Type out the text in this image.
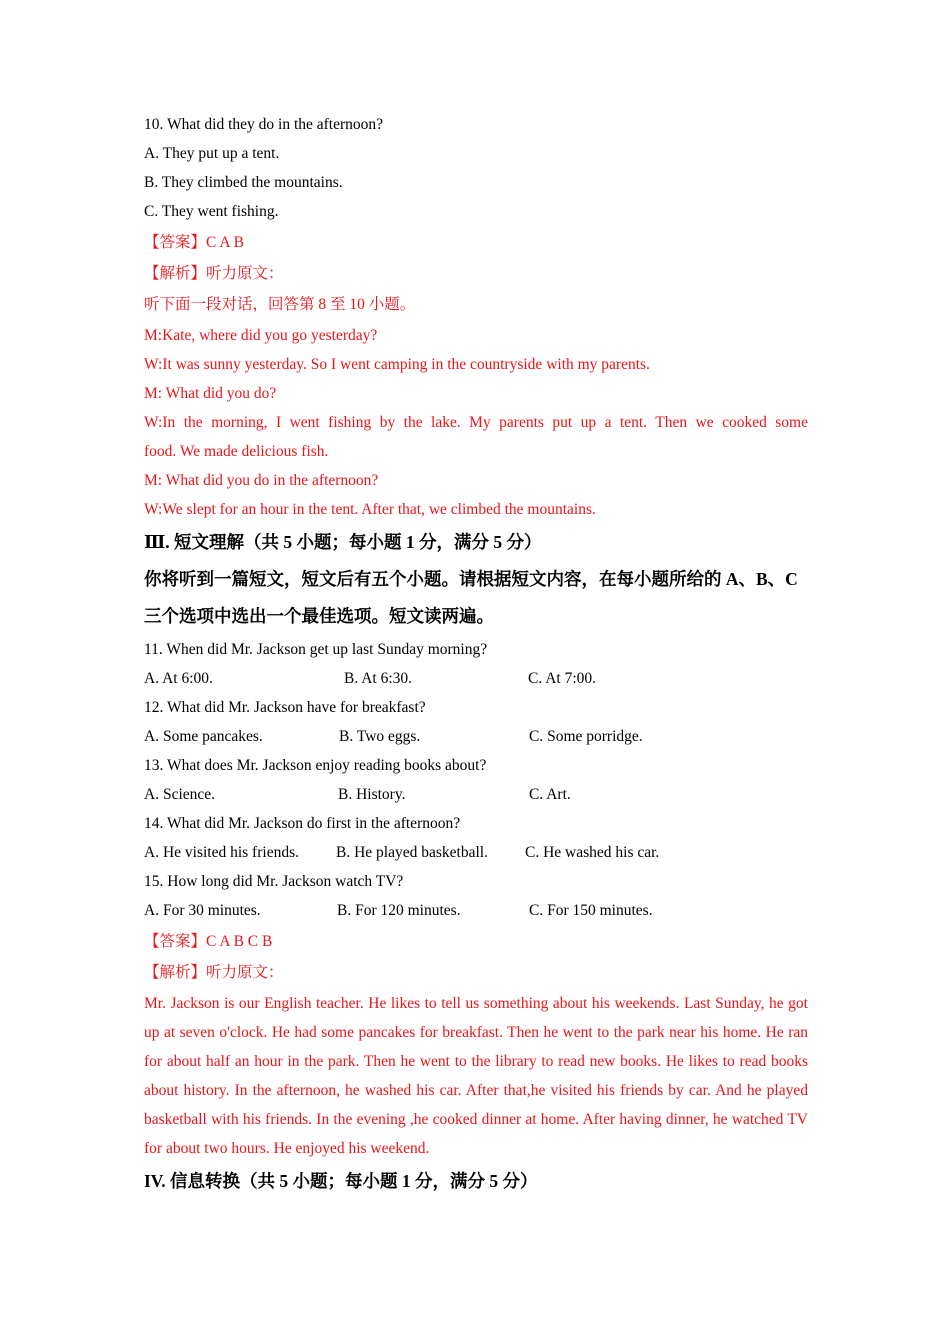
10. What did they do in the afternoon?
A. They put up a tent.
B. They climbed the mountains.
C. They went fishing.
【答案】C A B
【解析】听力原文：
听下面一段对话，回答第 8 至 10 小题。
M:Kate, where did you go yesterday?
W:It was sunny yesterday. So I went camping in the countryside with my parents.
M: What did you do?
W:In the morning, I went fishing by the lake. My parents put up a tent. Then we cooked some
food. We made delicious fish.
M: What did you do in the afternoon?
W:We slept for an hour in the tent. After that, we climbed the mountains.
Ⅲ. 短文理解（共 5 小题；每小题 1 分，满分 5 分）
你将听到一篇短文，短文后有五个小题。请根据短文内容，在每小题所给的 A、B、C 三个选项中选出一个最佳选项。短文读两遍。
11. When did Mr. Jackson get up last Sunday morning?
A. At 6:00.	B. At 6:30.	C. At 7:00.
12. What did Mr. Jackson have for breakfast?
A. Some pancakes.	B. Two eggs.	C. Some porridge.
13. What does Mr. Jackson enjoy reading books about?
A. Science.	B. History.	C. Art.
14. What did Mr. Jackson do first in the afternoon?
A. He visited his friends.	B. He played basketball.	C. He washed his car.
15. How long did Mr. Jackson watch TV?
A. For 30 minutes.	B. For 120 minutes.	C. For 150 minutes.
【答案】C A B C B
【解析】听力原文：
Mr. Jackson is our English teacher. He likes to tell us something about his weekends. Last Sunday, he got up at seven o'clock. He had some pancakes for breakfast. Then he went to the park near his home. He ran for about half an hour in the park. Then he went to the library to read new books. He likes to read books about history. In the afternoon, he washed his car. After that,he visited his friends by car. And he played basketball with his friends. In the evening ,he cooked dinner at home. After having dinner, he watched TV for about two hours. He enjoyed his weekend.
IV. 信息转换（共 5 小题；每小题 1 分，满分 5 分）
